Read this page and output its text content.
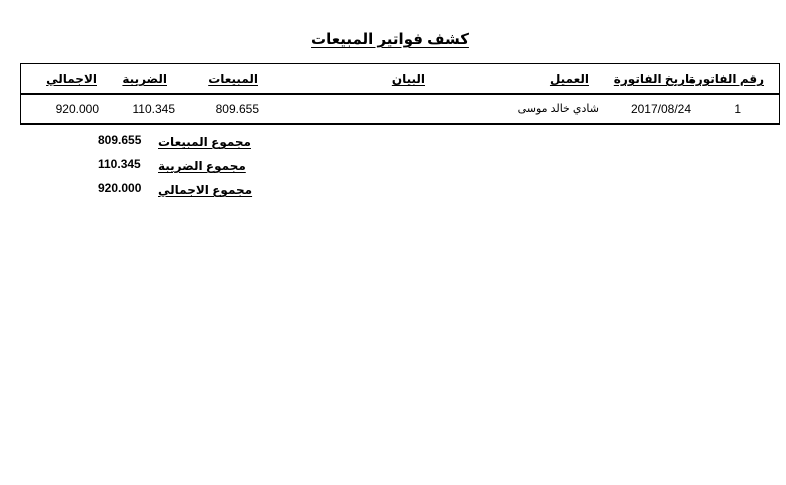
كشف فواتير المبيعات
رقم الفاتورة
تاريخ الفاتورة
العميل
البيان
المبيعات
الضريبة
الاجمالي
1
2017/08/24
شادي خالد موسى
809.655
110.345
920.000
مجموع المبيعات
809.655
مجموع الضريبة
110.345
مجموع الاجمالي
920.000
